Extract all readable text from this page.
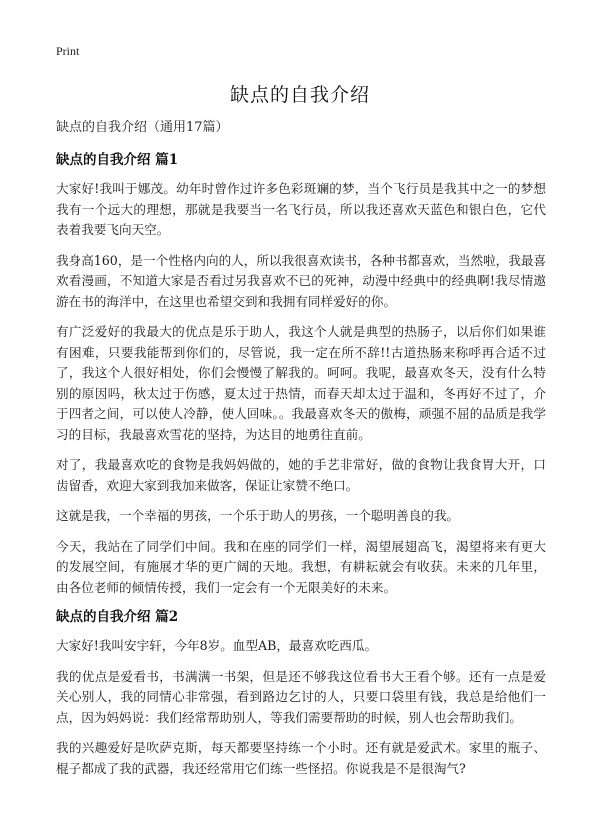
Print
缺点的自我介绍

缺点的自我介绍（通用17篇）

缺点的自我介绍 篇1

大家好!我叫于娜茂。幼年时曾作过许多色彩斑斓的梦，当个飞行员是我其中之一的梦想我有一个远大的理想，那就是我要当一名飞行员，所以我还喜欢天蓝色和银白色，它代表着我要飞向天空。

我身高160，是一个性格内向的人，所以我很喜欢读书，各种书都喜欢，当然啦，我最喜欢看漫画，不知道大家是否看过另我喜欢不已的死神，动漫中经典中的经典啊!我尽情遨游在书的海洋中，在这里也希望交到和我拥有同样爱好的你。

有广泛爱好的我最大的优点是乐于助人，我这个人就是典型的热肠子，以后你们如果谁有困难，只要我能帮到你们的，尽管说，我一定在所不辞!!古道热肠来称呼再合适不过了，我这个人很好相处，你们会慢慢了解我的。呵呵。我呢，最喜欢冬天，没有什么特别的原因吗，秋太过于伤感，夏太过于热情，而春天却太过于温和，冬再好不过了，介于四者之间，可以使人冷静，使人回味。。我最喜欢冬天的傲梅，顽强不屈的品质是我学习的目标，我最喜欢雪花的坚持，为达目的地勇往直前。

对了，我最喜欢吃的食物是我妈妈做的，她的手艺非常好，做的食物让我食胃大开，口齿留香，欢迎大家到我加来做客，保证让家赞不绝口。

这就是我，一个幸福的男孩，一个乐于助人的男孩，一个聪明善良的我。

今天，我站在了同学们中间。我和在座的同学们一样，渴望展翅高飞，渴望将来有更大的发展空间，有施展才华的更广阔的天地。我想，有耕耘就会有收获。未来的几年里，由各位老师的倾情传授，我们一定会有一个无限美好的未来。

缺点的自我介绍 篇2

大家好!我叫安宇轩，今年8岁。血型AB，最喜欢吃西瓜。

我的优点是爱看书，书满满一书架，但是还不够我这位看书大王看个够。还有一点是爱关心别人，我的同情心非常强，看到路边乞讨的人，只要口袋里有钱，我总是给他们一点，因为妈妈说：我们经常帮助别人，等我们需要帮助的时候，别人也会帮助我们。

我的兴趣爱好是吹萨克斯，每天都要坚持练一个小时。还有就是爱武术。家里的瓶子、棍子都成了我的武器，我还经常用它们练一些怪招。你说我是不是很淘气?
